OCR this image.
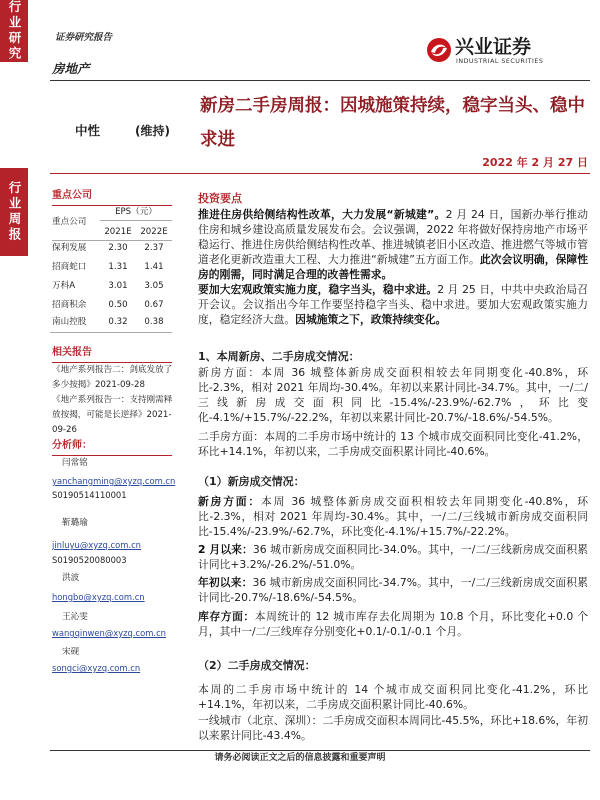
行业研究
行业周报
证券研究报告
房地产
兴业证券
INDUSTRIAL SECURITIES
中性	(维持)
新房二手房周报：因城施策持续，稳字当头、稳中
求进
2022 年 2 月 27 日
重点公司
EPS（元）
重点公司
2021E	2022E
保利发展	2.30	2.37
招商蛇口	1.31	1.41
万科A	3.01	3.05
招商积余	0.50	0.67
南山控股	0.32	0.38
相关报告
《地产系列报告二：剑底发放了多少按揭》2021-09-28
《地产系列报告一：支持刚需释放按揭，可能是长逆择》2021-09-26
分析师：
闫常铭
yanchangming@xyzq.com.cn
S0190514110001
靳璐瑜
jinluyu@xyzq.com.cn
S0190520080003
洪波
hongbo@xyzq.com.cn
王沁雯
wangqinwen@xyzq.com.cn
宋砚
songci@xyzq.com.cn
投资要点
推进住房供给侧结构性改革，大力发展“新城建”。2 月 24 日，国新办举行推动住房和城乡建设高质量发展发布会。会议强调，2022 年将做好保持房地产市场平稳运行、推进住房供给侧结构性改革、推进城镇老旧小区改造、推进燃气等城市管道老化更新改造重大工程、大力推进“新城建”五方面工作。此次会议明确，保障性房的刚需，同时满足合理的改善性需求。
要加大宏观政策实施力度，稳字当头，稳中求进。2 月 25 日，中共中央政治局召开会议。会议指出今年工作要坚持稳字当头、稳中求进。要加大宏观政策实施力度，稳定经济大盘。因城施策之下，政策持续变化。
1、本周新房、二手房成交情况：
新房方面：本周 36 城整体新房成交面积相较去年同期变化-40.8%，环比-2.3%，相对 2021 年周均-30.4%。年初以来累计同比-34.7%。其中，一/二/三线新房成交面积同比-15.4%/-23.9%/-62.7%，环比变化-4.1%/+15.7%/-22.2%，年初以来累计同比-20.7%/-18.6%/-54.5%。
二手房方面：本周的二手房市场中统计的 13 个城市成交面积同比变化-41.2%，环比+14.1%，年初以来，二手房成交面积累计同比-40.6%。
（1）新房成交情况：
新房方面：本周 36 城整体新房成交面积相较去年同期变化-40.8%，环比-2.3%，相对 2021 年周均-30.4%。其中，一/二/三线城市新房成交面积同比-15.4%/-23.9%/-62.7%，环比变化-4.1%/+15.7%/-22.2%。
2 月以来：36 城市新房成交面积同比-34.0%。其中，一/二/三线新房成交面积累计同比+3.2%/-26.2%/-51.0%。
年初以来：36 城市新房成交面积同比-34.7%。其中，一/二/三线新房成交面积累计同比-20.7%/-18.6%/-54.5%。
库存方面：本周统计的 12 城市库存去化周期为 10.8 个月，环比变化+0.0 个月，其中一/二/三线库存分别变化+0.1/-0.1/-0.1 个月。
（2）二手房成交情况：
本周的二手房市场中统计的 14 个城市成交面积同比变化-41.2%，环比+14.1%，年初以来，二手房成交面积累计同比-40.6%。
一线城市（北京、深圳）：二手房成交面积本周同比-45.5%，环比+18.6%，年初以来累计同比-43.4%。
请务必阅读正文之后的信息披露和重要声明
